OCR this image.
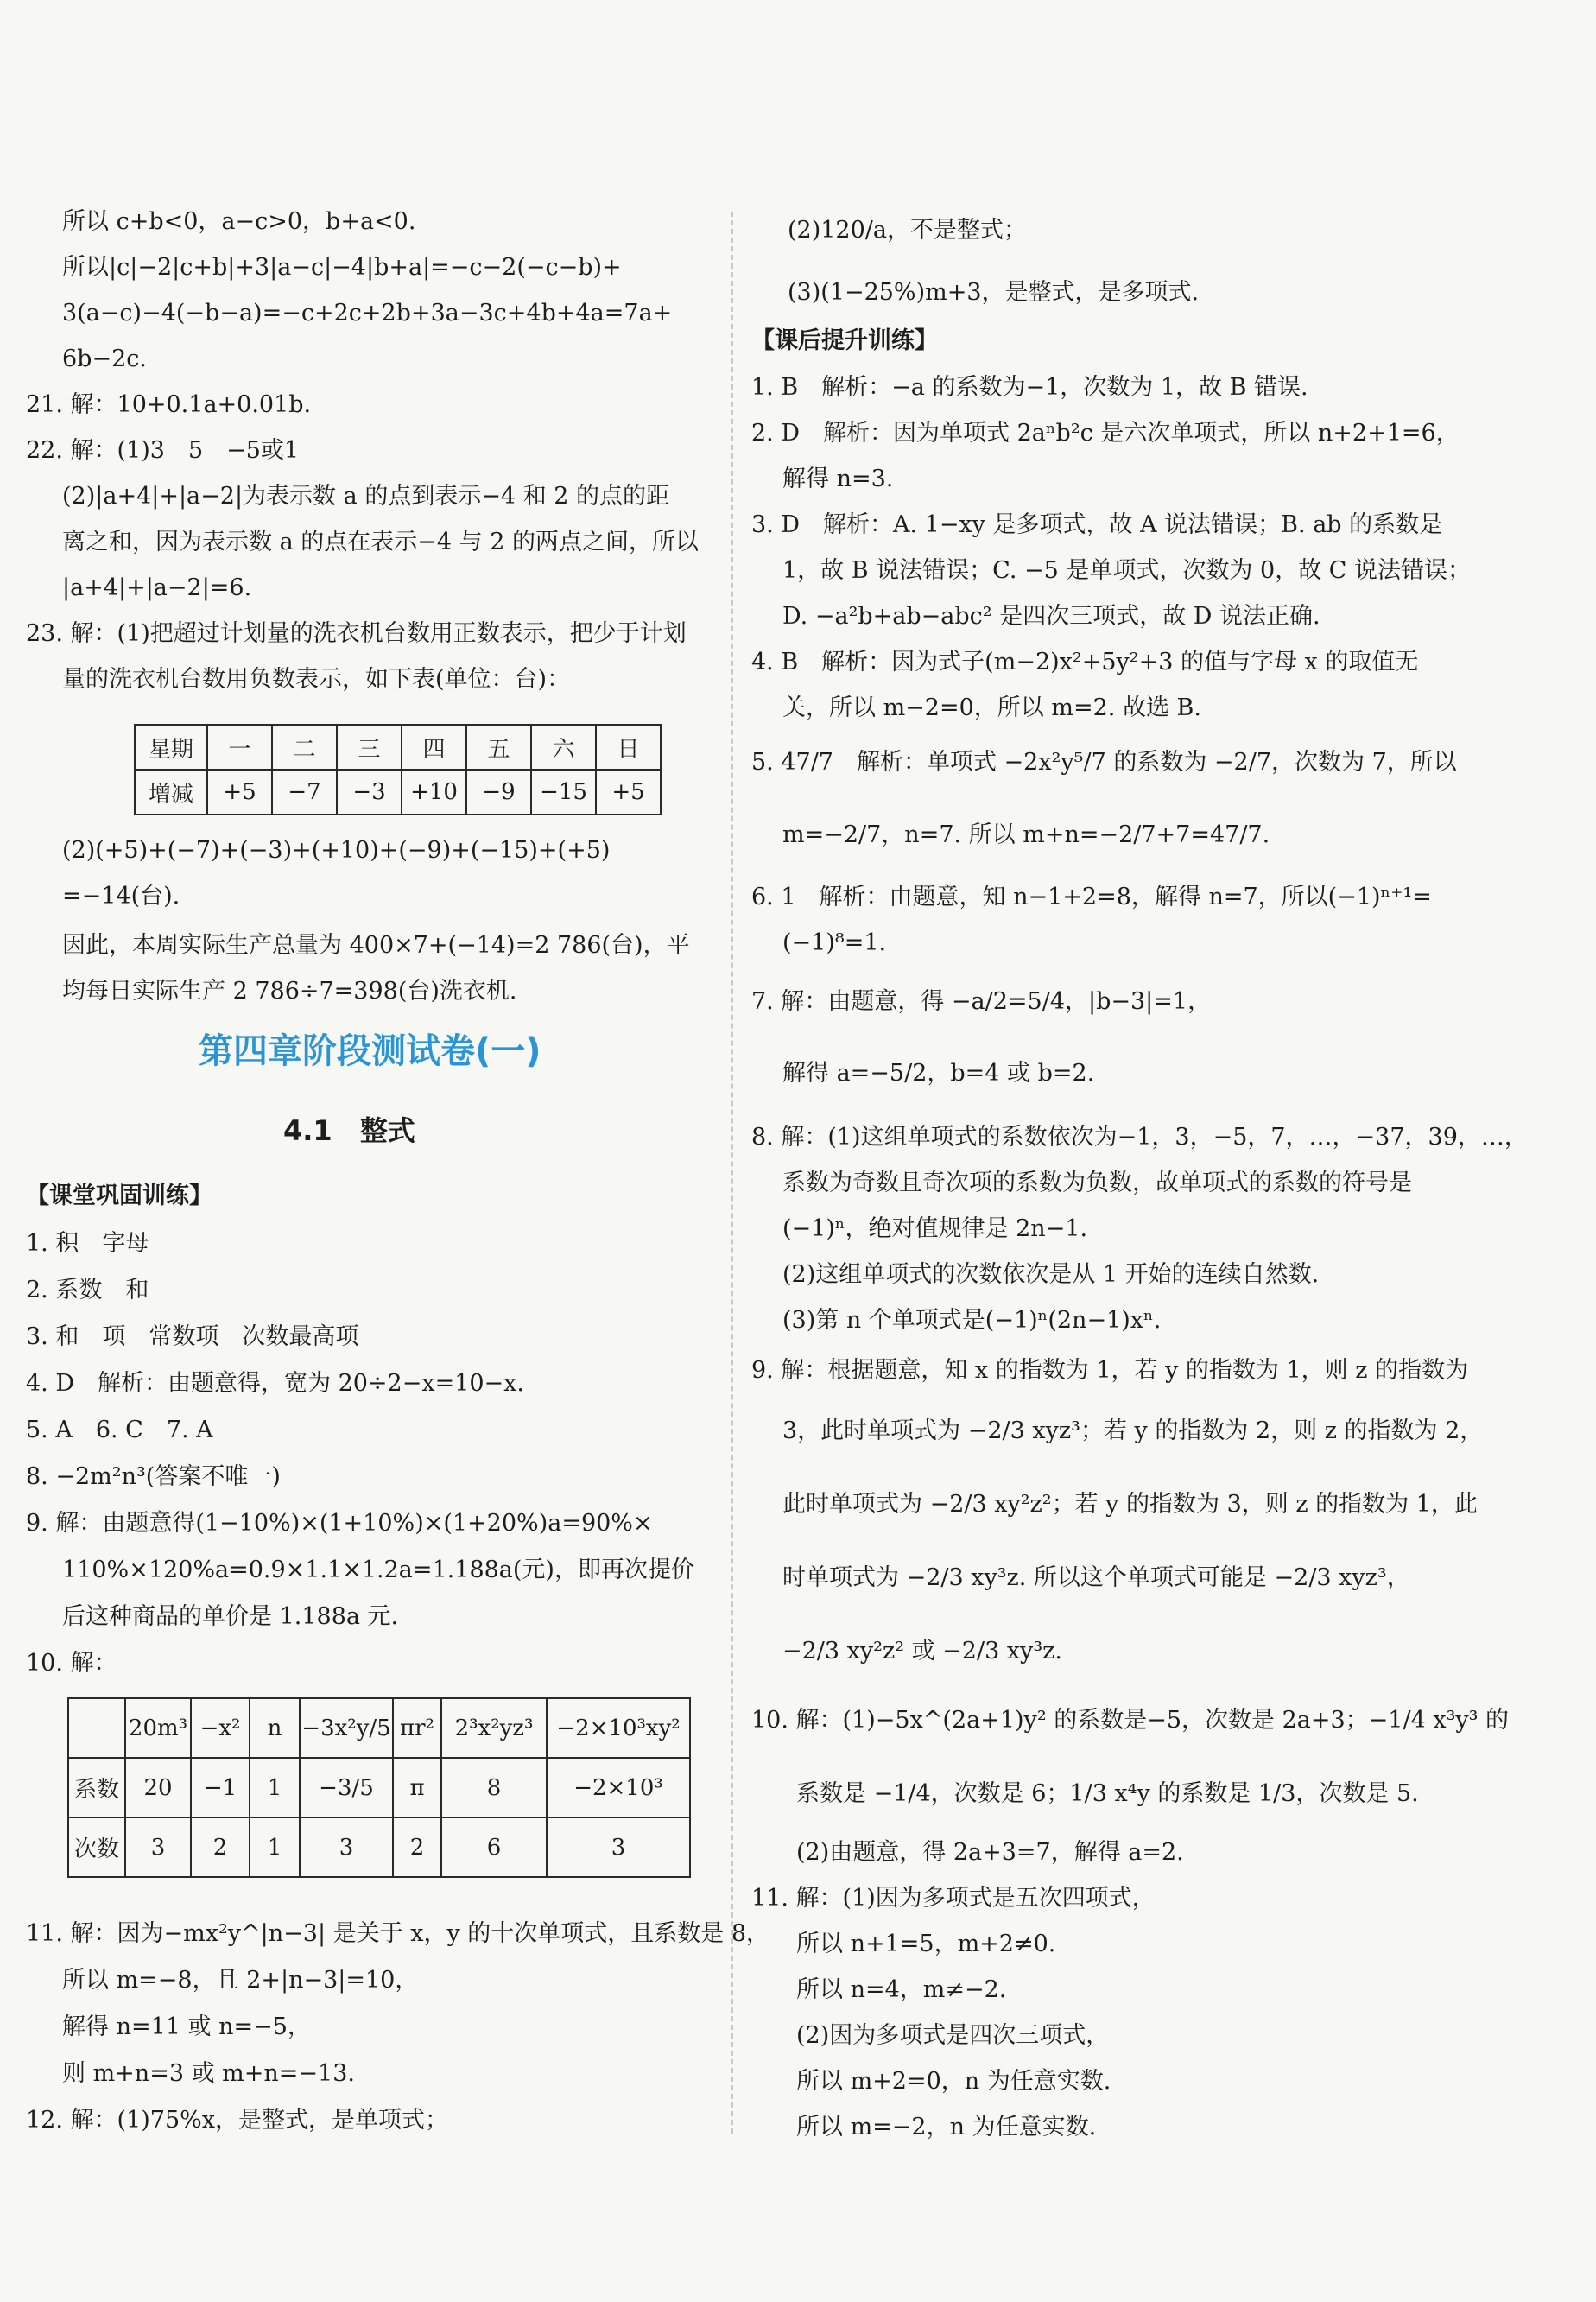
所以 c+b<0，a−c>0，b+a<0.
所以|c|−2|c+b|+3|a−c|−4|b+a|=−c−2(−c−b)+
3(a−c)−4(−b−a)=−c+2c+2b+3a−3c+4b+4a=7a+
6b−2c.
21. 解：10+0.1a+0.01b.
22. 解：(1)3　5　−5或1
(2)|a+4|+|a−2|为表示数 a 的点到表示−4 和 2 的点的距
离之和，因为表示数 a 的点在表示−4 与 2 的两点之间，所以
|a+4|+|a−2|=6.
23. 解：(1)把超过计划量的洗衣机台数用正数表示，把少于计划
量的洗衣机台数用负数表示，如下表(单位：台)：
星期	一	二	三	四	五	六	日
增减	+5	−7	−3	+10	−9	−15	+5
(2)(+5)+(−7)+(−3)+(+10)+(−9)+(−15)+(+5)
=−14(台).
因此，本周实际生产总量为 400×7+(−14)=2 786(台)，平
均每日实际生产 2 786÷7=398(台)洗衣机.
第四章阶段测试卷(一)
4.1　整式
【课堂巩固训练】
1. 积　字母
2. 系数　和
3. 和　项　常数项　次数最高项
4. D　解析：由题意得，宽为 20÷2−x=10−x.
5. A　6. C　7. A
8. −2m²n³(答案不唯一)
9. 解：由题意得(1−10%)×(1+10%)×(1+20%)a=90%×
110%×120%a=0.9×1.1×1.2a=1.188a(元)，即再次提价
后这种商品的单价是 1.188a 元.
10. 解：
	20m³	−x²	n	−3x²y/5	πr²	2³x²yz³	−2×10³xy²
系数	20	−1	1	−3/5	π	8	−2×10³
次数	3	2	1	3	2	6	3
11. 解：因为−mx²y^|n−3| 是关于 x，y 的十次单项式，且系数是 8，
所以 m=−8，且 2+|n−3|=10，
解得 n=11 或 n=−5，
则 m+n=3 或 m+n=−13.
12. 解：(1)75%x，是整式，是单项式；
(2)120/a，不是整式；
(3)(1−25%)m+3，是整式，是多项式.
【课后提升训练】
1. B　解析：−a 的系数为−1，次数为 1，故 B 错误.
2. D　解析：因为单项式 2aⁿb²c 是六次单项式，所以 n+2+1=6，
解得 n=3.
3. D　解析：A. 1−xy 是多项式，故 A 说法错误；B. ab 的系数是
1，故 B 说法错误；C. −5 是单项式，次数为 0，故 C 说法错误；
D. −a²b+ab−abc² 是四次三项式，故 D 说法正确.
4. B　解析：因为式子(m−2)x²+5y²+3 的值与字母 x 的取值无
关，所以 m−2=0，所以 m=2. 故选 B.
5. 47/7　解析：单项式 −2x²y⁵/7 的系数为 −2/7，次数为 7，所以
m=−2/7，n=7. 所以 m+n=−2/7+7=47/7.
6. 1　解析：由题意，知 n−1+2=8，解得 n=7，所以(−1)ⁿ⁺¹=
(−1)⁸=1.
7. 解：由题意，得 −a/2=5/4，|b−3|=1，
解得 a=−5/2，b=4 或 b=2.
8. 解：(1)这组单项式的系数依次为−1，3，−5，7，…，−37，39，…，
系数为奇数且奇次项的系数为负数，故单项式的系数的符号是
(−1)ⁿ，绝对值规律是 2n−1.
(2)这组单项式的次数依次是从 1 开始的连续自然数.
(3)第 n 个单项式是(−1)ⁿ(2n−1)xⁿ.
9. 解：根据题意，知 x 的指数为 1，若 y 的指数为 1，则 z 的指数为
3，此时单项式为 −2/3 xyz³；若 y 的指数为 2，则 z 的指数为 2，
此时单项式为 −2/3 xy²z²；若 y 的指数为 3，则 z 的指数为 1，此
时单项式为 −2/3 xy³z. 所以这个单项式可能是 −2/3 xyz³，
−2/3 xy²z² 或 −2/3 xy³z.
10. 解：(1)−5x^(2a+1)y² 的系数是−5，次数是 2a+3；−1/4 x³y³ 的
系数是 −1/4，次数是 6；1/3 x⁴y 的系数是 1/3，次数是 5.
(2)由题意，得 2a+3=7，解得 a=2.
11. 解：(1)因为多项式是五次四项式，
所以 n+1=5，m+2≠0.
所以 n=4，m≠−2.
(2)因为多项式是四次三项式，
所以 m+2=0，n 为任意实数.
所以 m=−2，n 为任意实数.
